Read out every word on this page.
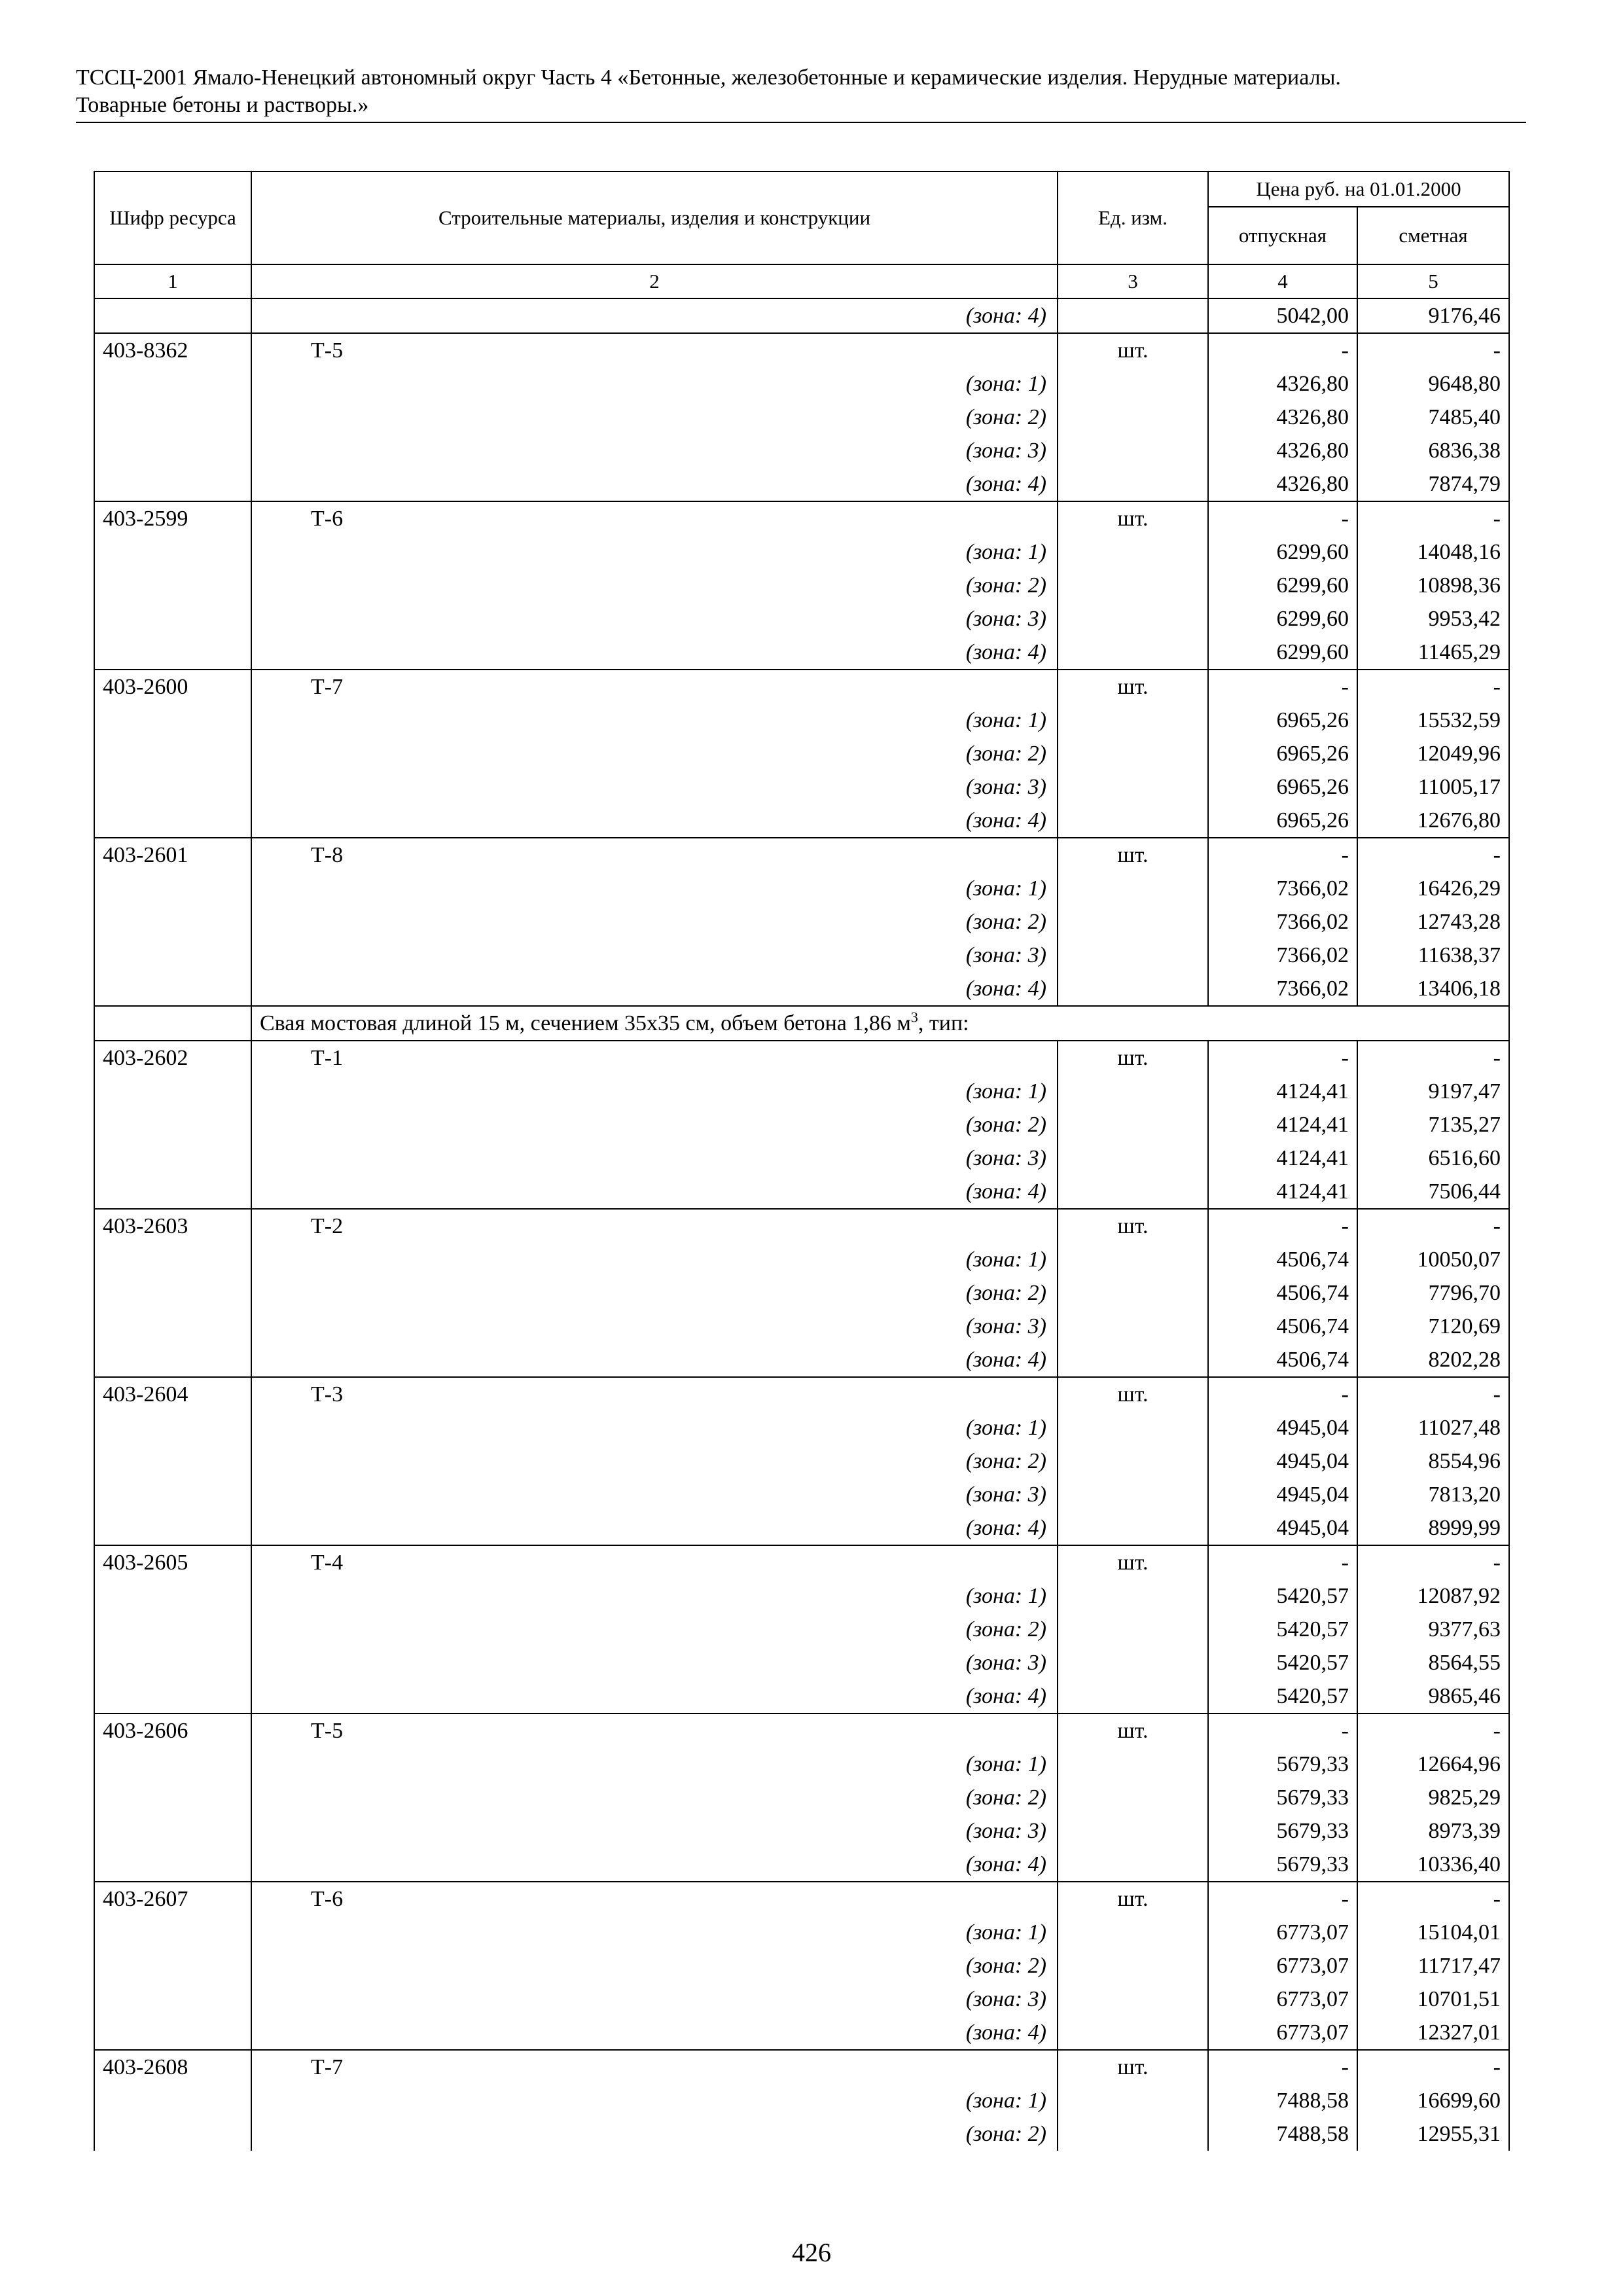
ТССЦ-2001 Ямало-Ненецкий автономный округ Часть 4 «Бетонные, железобетонные и керамические изделия. Нерудные материалы.
Товарные бетоны и растворы.»
Шифр ресурса	Строительные материалы, изделия и конструкции	Ед. изм.	Цена руб. на 01.01.2000	
			отпускная	сметная
1	2	3	4	5
	(зона: 4)		5042,00	9176,46
403-8362	Т-5	шт.	-	-
	(зона: 1)		4326,80	9648,80
	(зона: 2)		4326,80	7485,40
	(зона: 3)		4326,80	6836,38
	(зона: 4)		4326,80	7874,79
403-2599	Т-6	шт.	-	-
	(зона: 1)		6299,60	14048,16
	(зона: 2)		6299,60	10898,36
	(зона: 3)		6299,60	9953,42
	(зона: 4)		6299,60	11465,29
403-2600	Т-7	шт.	-	-
	(зона: 1)		6965,26	15532,59
	(зона: 2)		6965,26	12049,96
	(зона: 3)		6965,26	11005,17
	(зона: 4)		6965,26	12676,80
403-2601	Т-8	шт.	-	-
	(зона: 1)		7366,02	16426,29
	(зона: 2)		7366,02	12743,28
	(зона: 3)		7366,02	11638,37
	(зона: 4)		7366,02	13406,18
	Свая мостовая длиной 15 м, сечением 35x35 см, объем бетона 1,86 $м^3$, тип:			
403-2602	Т-1	шт.	-	-
	(зона: 1)		4124,41	9197,47
	(зона: 2)		4124,41	7135,27
	(зона: 3)		4124,41	6516,60
	(зона: 4)		4124,41	7506,44
403-2603	Т-2	шт.	-	-
	(зона: 1)		4506,74	10050,07
	(зона: 2)		4506,74	7796,70
	(зона: 3)		4506,74	7120,69
	(зона: 4)		4506,74	8202,28
403-2604	Т-3	шт.	-	-
	(зона: 1)		4945,04	11027,48
	(зона: 2)		4945,04	8554,96
	(зона: 3)		4945,04	7813,20
	(зона: 4)		4945,04	8999,99
403-2605	Т-4	шт.	-	-
	(зона: 1)		5420,57	12087,92
	(зона: 2)		5420,57	9377,63
	(зона: 3)		5420,57	8564,55
	(зона: 4)		5420,57	9865,46
403-2606	Т-5	шт.	-	-
	(зона: 1)		5679,33	12664,96
	(зона: 2)		5679,33	9825,29
	(зона: 3)		5679,33	8973,39
	(зона: 4)		5679,33	10336,40
403-2607	Т-6	шт.	-	-
	(зона: 1)		6773,07	15104,01
	(зона: 2)		6773,07	11717,47
	(зона: 3)		6773,07	10701,51
	(зона: 4)		6773,07	12327,01
403-2608	Т-7	шт.	-	-
	(зона: 1)		7488,58	16699,60
	(зона: 2)		7488,58	12955,31
426
